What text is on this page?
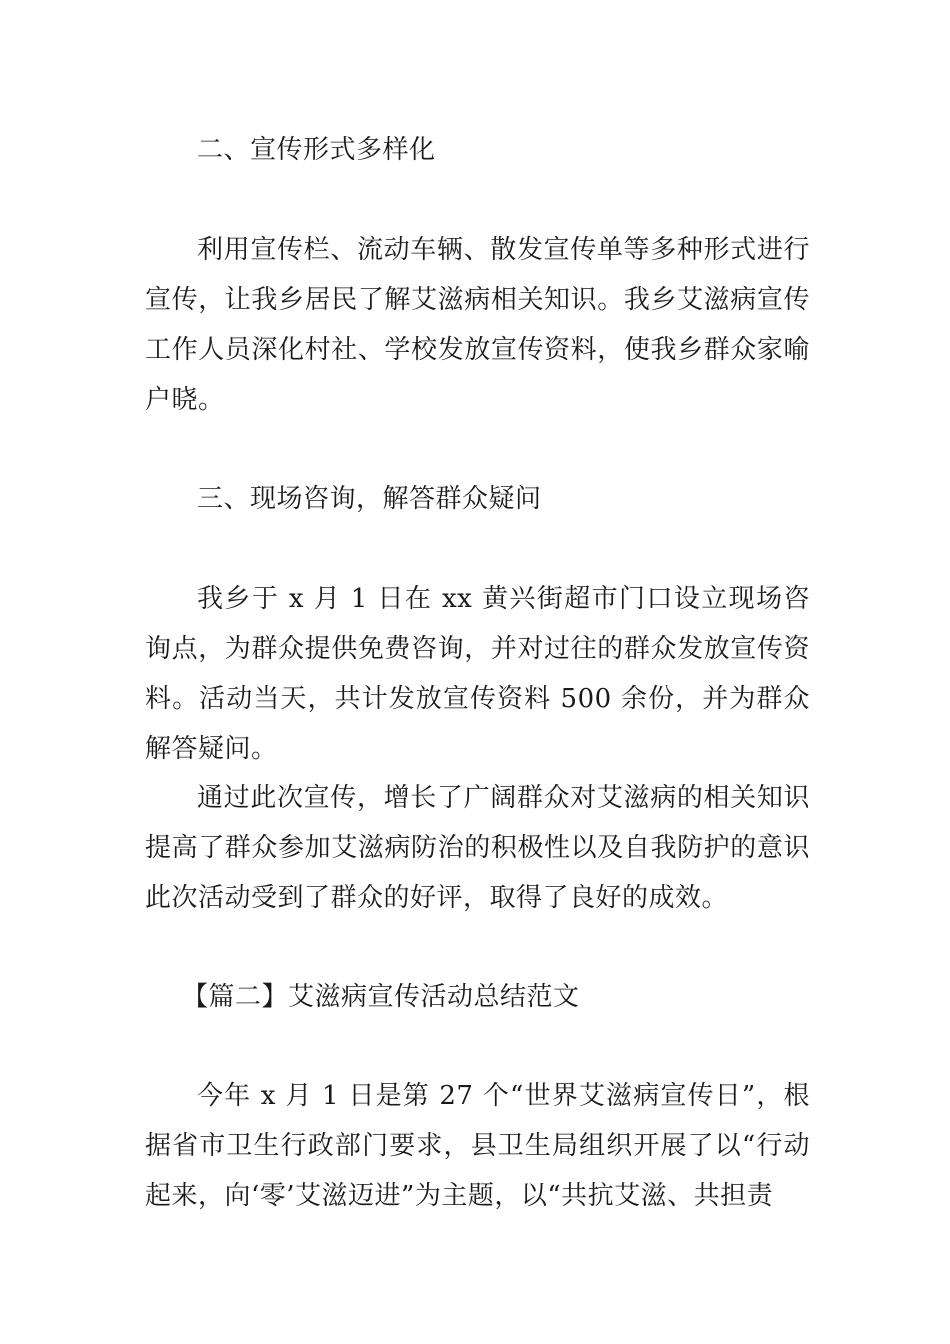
二、宣传形式多样化

利用宣传栏、流动车辆、散发宣传单等多种形式进行宣传，让我乡居民了解艾滋病相关知识。我乡艾滋病宣传工作人员深化村社、学校发放宣传资料，使我乡群众家喻户晓。

三、现场咨询，解答群众疑问

我乡于 x 月 1 日在 xx 黄兴街超市门口设立现场咨询点，为群众提供免费咨询，并对过往的群众发放宣传资料。活动当天，共计发放宣传资料 500 余份，并为群众解答疑问。

通过此次宣传，增长了广阔群众对艾滋病的相关知识提高了群众参加艾滋病防治的积极性以及自我防护的意识此次活动受到了群众的好评，取得了良好的成效。

【篇二】艾滋病宣传活动总结范文

今年 x 月 1 日是第 27 个“世界艾滋病宣传日”，根据省市卫生行政部门要求，县卫生局组织开展了以“行动起来，向‘零’艾滋迈进”为主题，以“共抗艾滋、共担责
